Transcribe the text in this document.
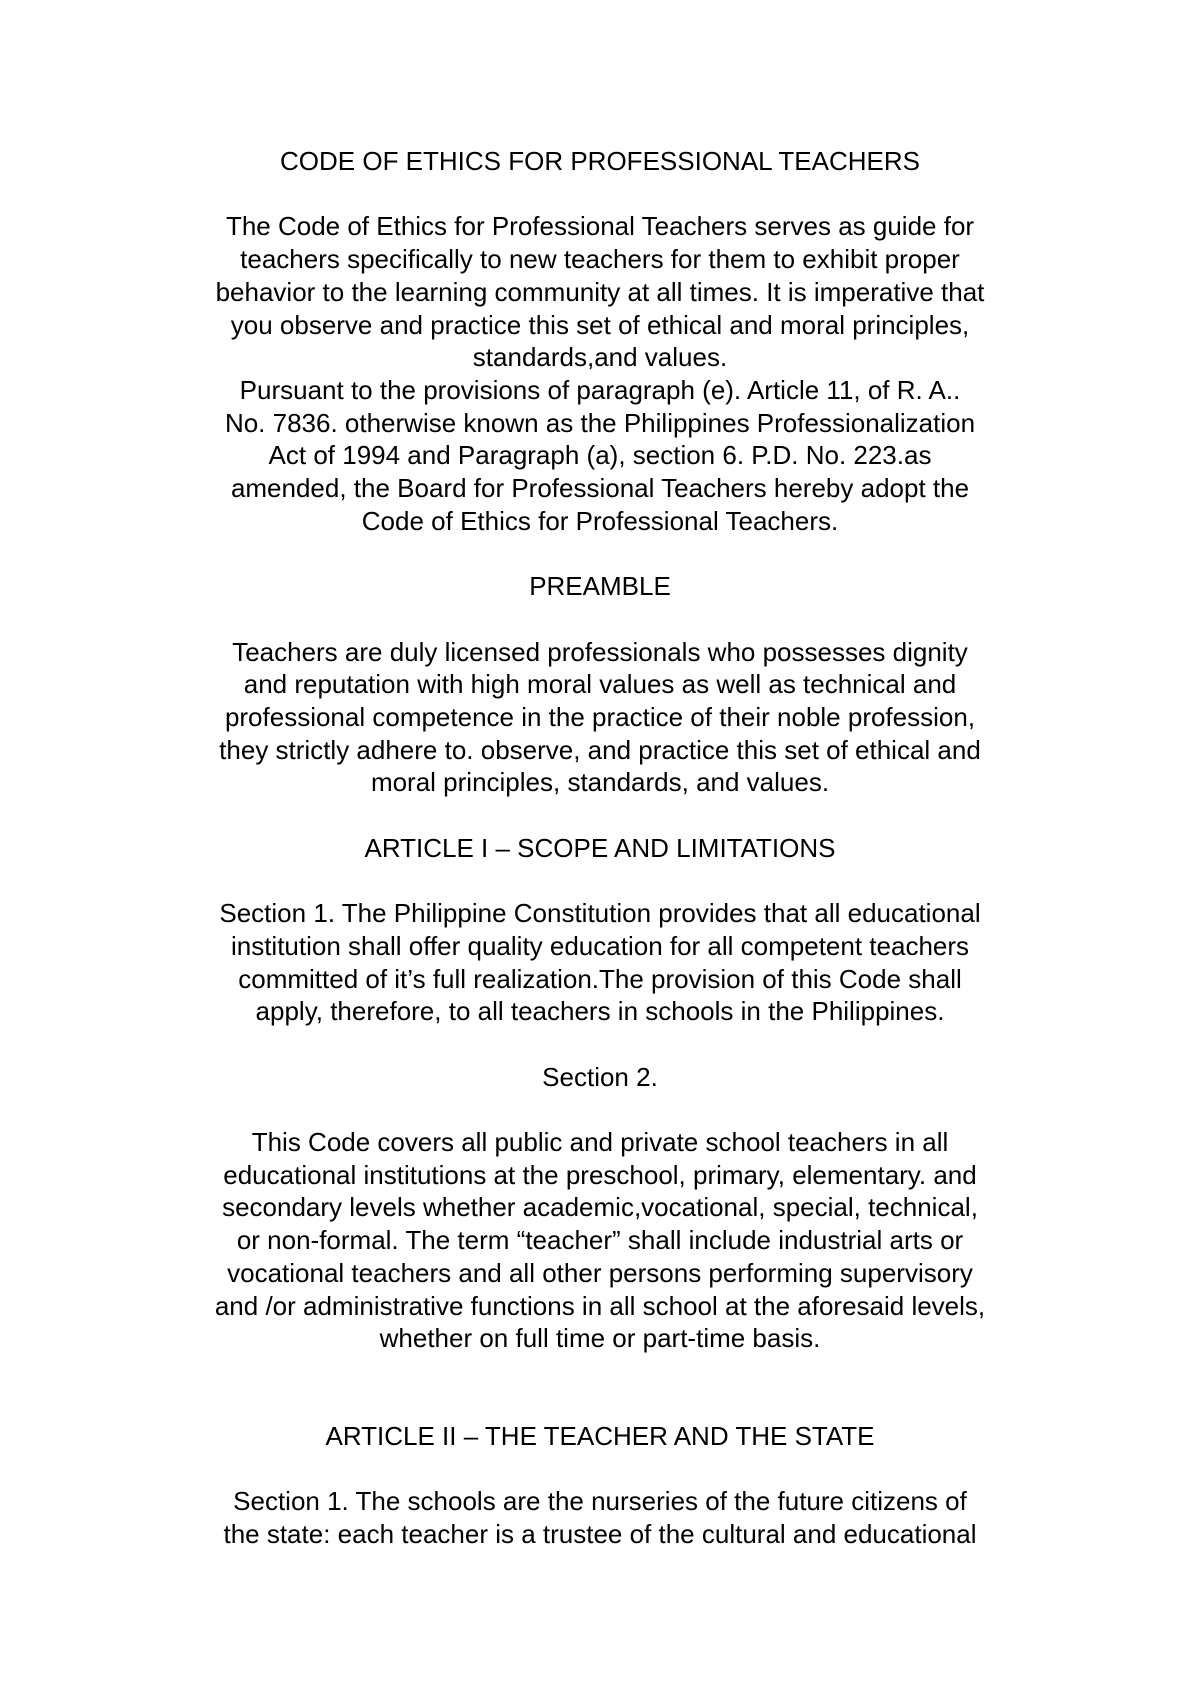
CODE OF ETHICS FOR PROFESSIONAL TEACHERS

The Code of Ethics for Professional Teachers serves as guide for
teachers specifically to new teachers for them to exhibit proper
behavior to the learning community at all times. It is imperative that
you observe and practice this set of ethical and moral principles,
standards,and values.

Pursuant to the provisions of paragraph (e). Article 11, of R. A..
No. 7836. otherwise known as the Philippines Professionalization
Act of 1994 and Paragraph (a), section 6. P.D. No. 223.as
amended, the Board for Professional Teachers hereby adopt the
Code of Ethics for Professional Teachers.

PREAMBLE

Teachers are duly licensed professionals who possesses dignity
and reputation with high moral values as well as technical and
professional competence in the practice of their noble profession,
they strictly adhere to. observe, and practice this set of ethical and
moral principles, standards, and values.

ARTICLE I – SCOPE AND LIMITATIONS

Section 1. The Philippine Constitution provides that all educational
institution shall offer quality education for all competent teachers
committed of it’s full realization.The provision of this Code shall
apply, therefore, to all teachers in schools in the Philippines.

Section 2.

This Code covers all public and private school teachers in all
educational institutions at the preschool, primary, elementary. and
secondary levels whether academic,vocational, special, technical,
or non-formal. The term “teacher” shall include industrial arts or
vocational teachers and all other persons performing supervisory
and /or administrative functions in all school at the aforesaid levels,
whether on full time or part-time basis.

ARTICLE II – THE TEACHER AND THE STATE

Section 1. The schools are the nurseries of the future citizens of
the state: each teacher is a trustee of the cultural and educational
